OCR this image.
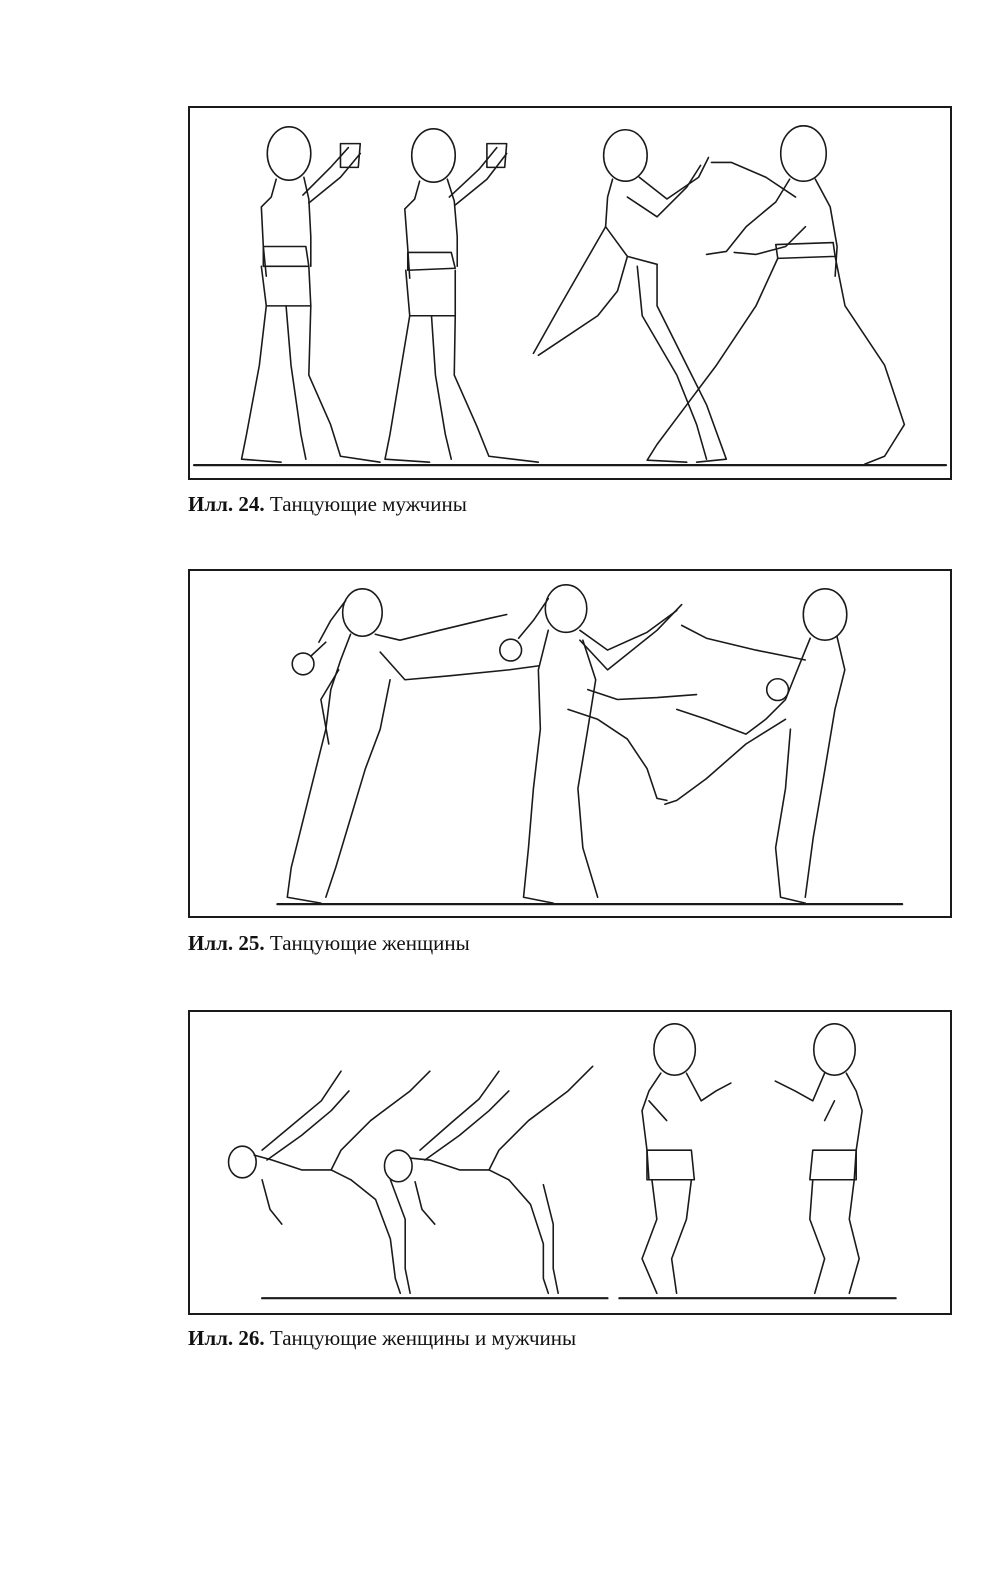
Илл. 24. Танцующие мужчины
Илл. 25. Танцующие женщины
Илл. 26. Танцующие женщины и мужчины
